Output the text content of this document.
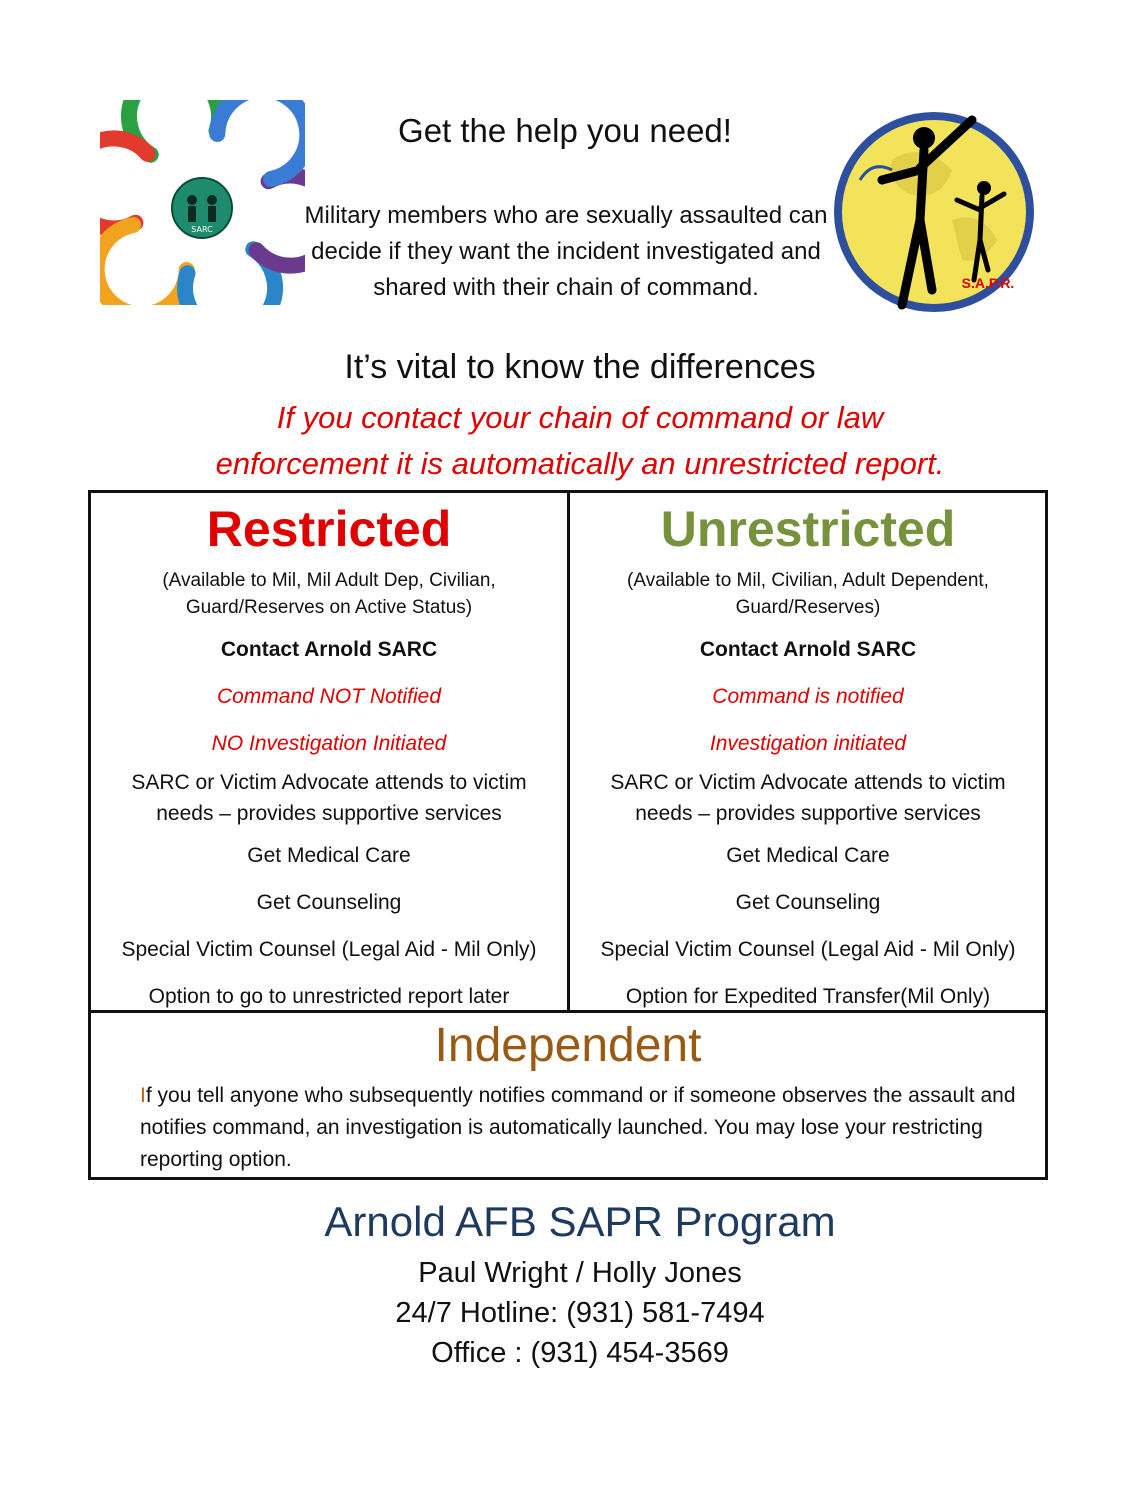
SARC
S.A.P.R.
Get the help you need!
Military members who are sexually assaulted can decide if they want the incident investigated and shared with their chain of command.
It’s vital to know the differences
If you contact your chain of command or law
enforcement it is automatically an unrestricted report.
Restricted
(Available to Mil, Mil Adult Dep, Civilian, Guard/Reserves on Active Status)
Contact Arnold SARC
Command NOT Notified
NO Investigation Initiated
SARC or Victim Advocate attends to victim needs – provides supportive services
Get Medical Care
Get Counseling
Special Victim Counsel (Legal Aid - Mil Only)
Option to go to unrestricted report later
Unrestricted
(Available to Mil, Civilian, Adult Dependent, Guard/Reserves)
Contact Arnold SARC
Command is notified
Investigation initiated
SARC or Victim Advocate attends to victim needs – provides supportive services
Get Medical Care
Get Counseling
Special Victim Counsel (Legal Aid - Mil Only)
Option for Expedited Transfer(Mil Only)
Independent
If you tell anyone who subsequently notifies command or if someone observes the assault and notifies command, an investigation is automatically launched. You may lose your restricting reporting option.
Arnold AFB SAPR Program
Paul Wright / Holly Jones
24/7 Hotline: (931) 581-7494
Office : (931) 454-3569
